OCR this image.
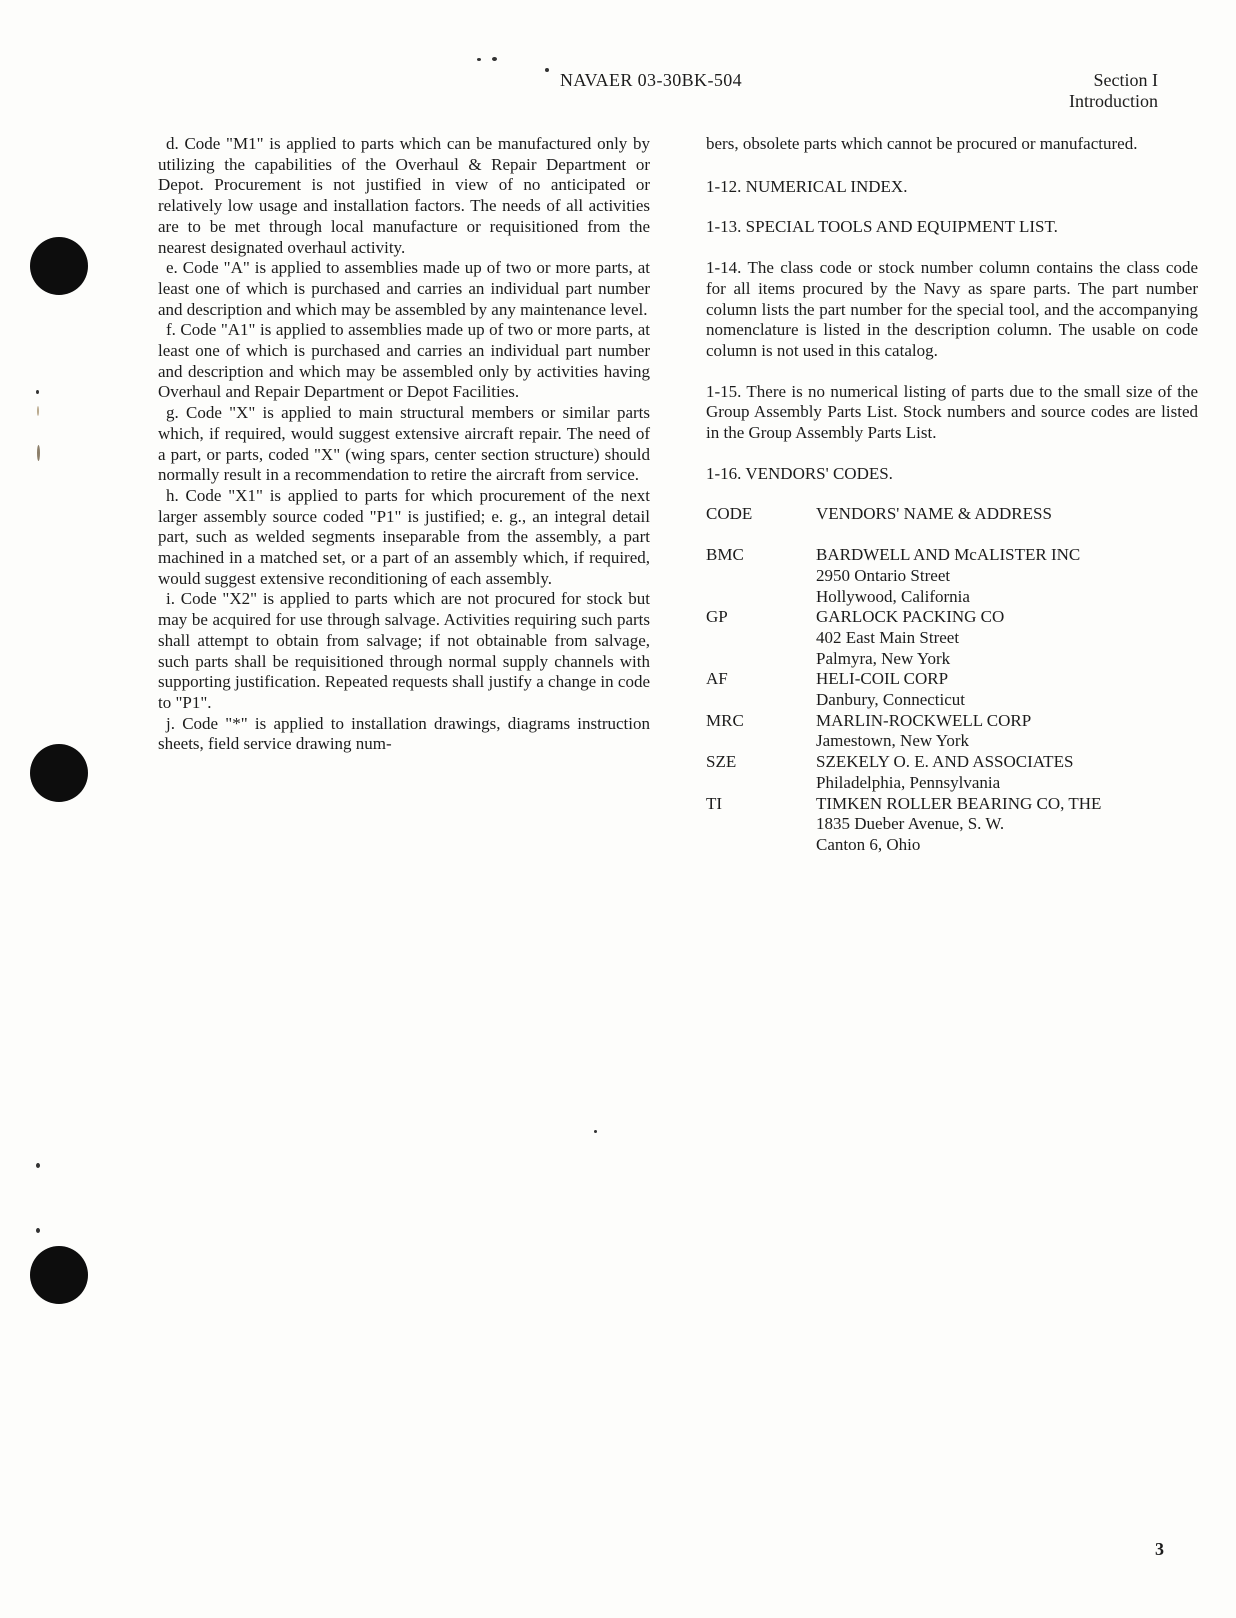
NAVAER 03-30BK-504	Section I
Introduction

d. Code "M1" is applied to parts which can be manufactured only by utilizing the capabilities of the Overhaul & Repair Department or Depot. Procurement is not justified in view of no anticipated or relatively low usage and installation factors. The needs of all activities are to be met through local manufacture or requisitioned from the nearest designated overhaul activity.

e. Code "A" is applied to assemblies made up of two or more parts, at least one of which is purchased and carries an individual part number and description and which may be assembled by any maintenance level.

f. Code "A1" is applied to assemblies made up of two or more parts, at least one of which is purchased and carries an individual part number and description and which may be assembled only by activities having Overhaul and Repair Department or Depot Facilities.

g. Code "X" is applied to main structural members or similar parts which, if required, would suggest extensive aircraft repair. The need of a part, or parts, coded "X" (wing spars, center section structure) should normally result in a recommendation to retire the aircraft from service.

h. Code "X1" is applied to parts for which procurement of the next larger assembly source coded "P1" is justified; e. g., an integral detail part, such as welded segments inseparable from the assembly, a part machined in a matched set, or a part of an assembly which, if required, would suggest extensive reconditioning of each assembly.

i. Code "X2" is applied to parts which are not procured for stock but may be acquired for use through salvage. Activities requiring such parts shall attempt to obtain from salvage; if not obtainable from salvage, such parts shall be requisitioned through normal supply channels with supporting justification. Repeated requests shall justify a change in code to "P1".

j. Code "*" is applied to installation drawings, diagrams instruction sheets, field service drawing num-

bers, obsolete parts which cannot be procured or manufactured.

1-12. NUMERICAL INDEX.

1-13. SPECIAL TOOLS AND EQUIPMENT LIST.

1-14. The class code or stock number column contains the class code for all items procured by the Navy as spare parts. The part number column lists the part number for the special tool, and the accompanying nomenclature is listed in the description column. The usable on code column is not used in this catalog.

1-15. There is no numerical listing of parts due to the small size of the Group Assembly Parts List. Stock numbers and source codes are listed in the Group Assembly Parts List.

1-16. VENDORS' CODES.

CODE	VENDORS' NAME & ADDRESS
BMC	BARDWELL AND McALISTER INC
2950 Ontario Street
Hollywood, California
GP	GARLOCK PACKING CO
402 East Main Street
Palmyra, New York
AF	HELI-COIL CORP
Danbury, Connecticut
MRC	MARLIN-ROCKWELL CORP
Jamestown, New York
SZE	SZEKELY O. E. AND ASSOCIATES
Philadelphia, Pennsylvania
TI	TIMKEN ROLLER BEARING CO, THE
1835 Dueber Avenue, S. W.
Canton 6, Ohio
3
